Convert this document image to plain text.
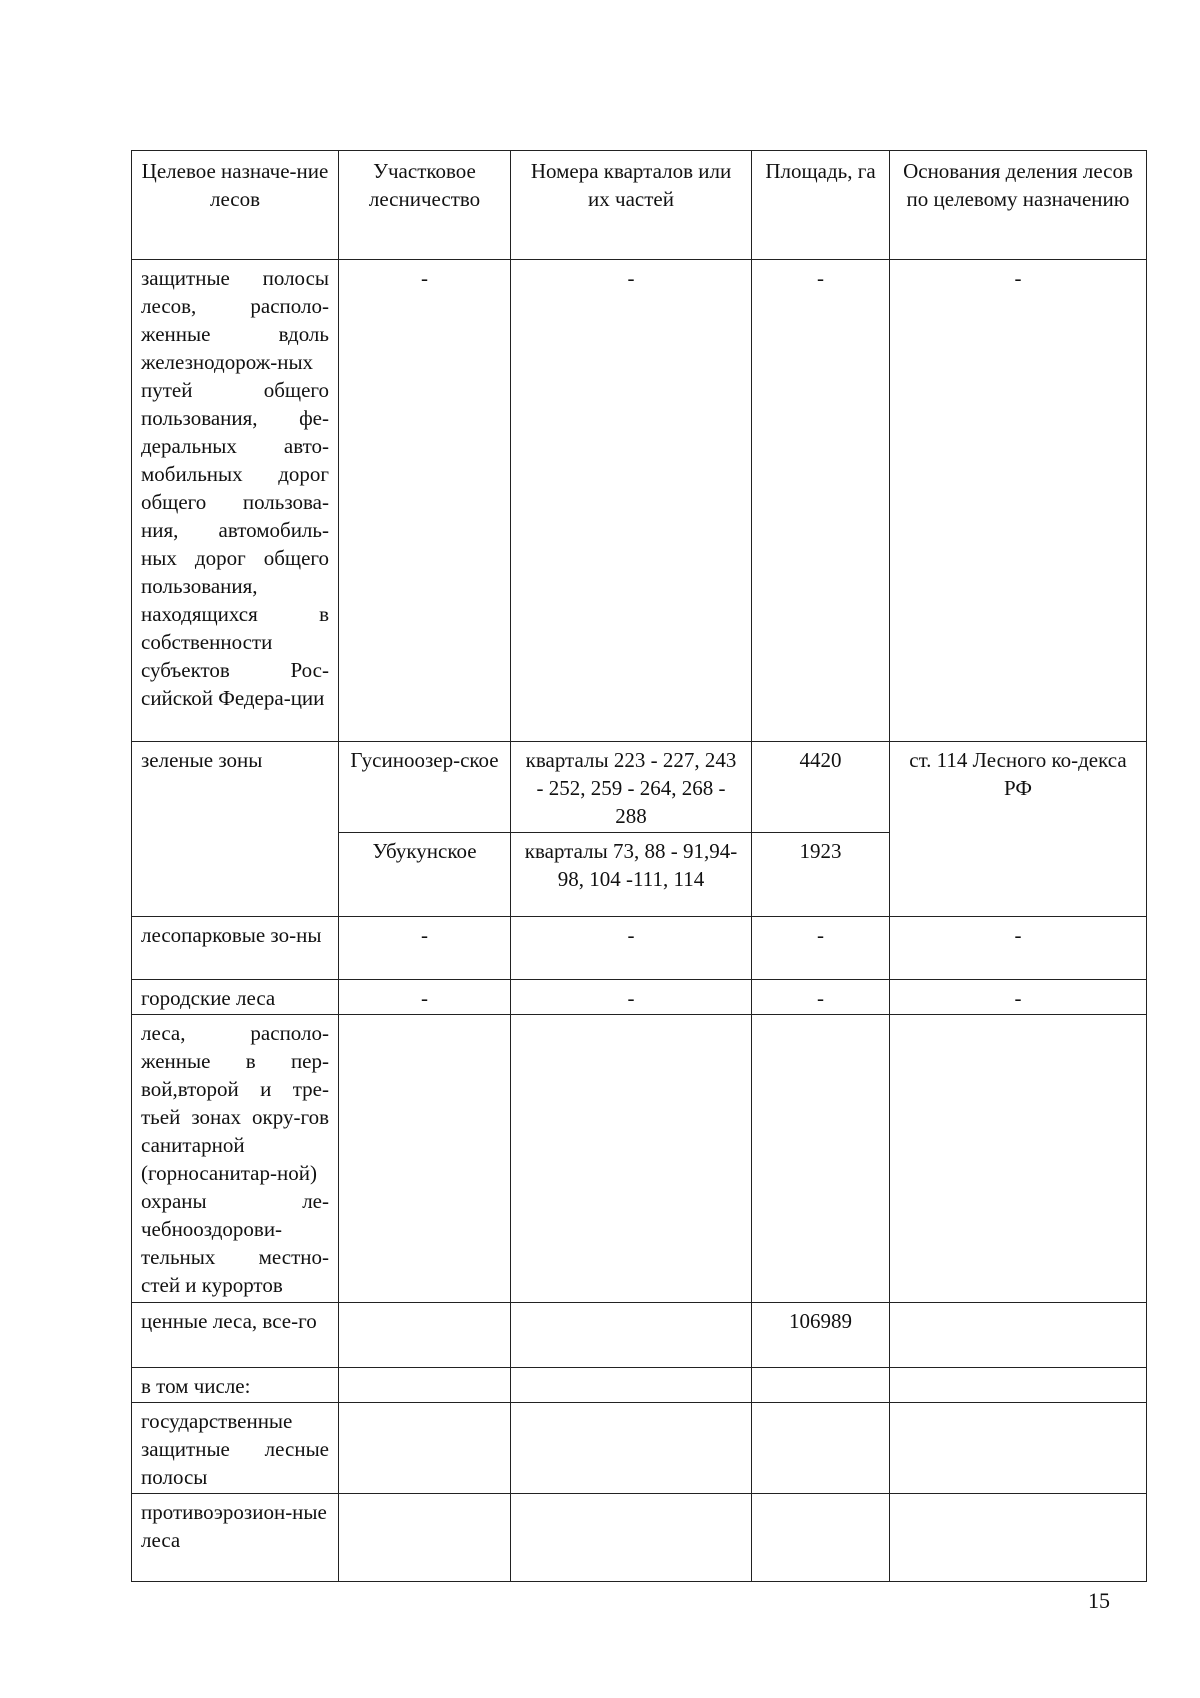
Целевое назначе-ние лесов	Участковое лесничество	Номера кварталов или их частей	Площадь, га	Основания деления лесов по целевому назначению
защитные полосы лесов, располо-женные вдоль железнодорож-ных путей общего пользования, фе-деральных авто-мобильных дорог общего пользова-ния, автомобиль-ных дорог общего пользования, находящихся в собственности субъектов Рос-сийской Федера-ции	-	-	-	-
зеленые зоны	Гусиноозер-ское	кварталы 223 - 227, 243 - 252, 259 - 264, 268 - 288	4420	ст. 114 Лесного ко-декса РФ
	Убукунское	кварталы 73, 88 - 91,94-98, 104 -111, 114	1923	
лесопарковые зо-ны	-	-	-	-
городские леса	-	-	-	-
леса, располо-женные в пер-вой,второй и тре-тьей зонах окру-гов санитарной (горносанитар-ной) охраны ле-чебнооздорови-тельных местно-стей и курортов				
ценные леса, все-го			106989	
в том числе:				
государственные защитные лесные полосы				
противоэрозион-ные леса				
15
